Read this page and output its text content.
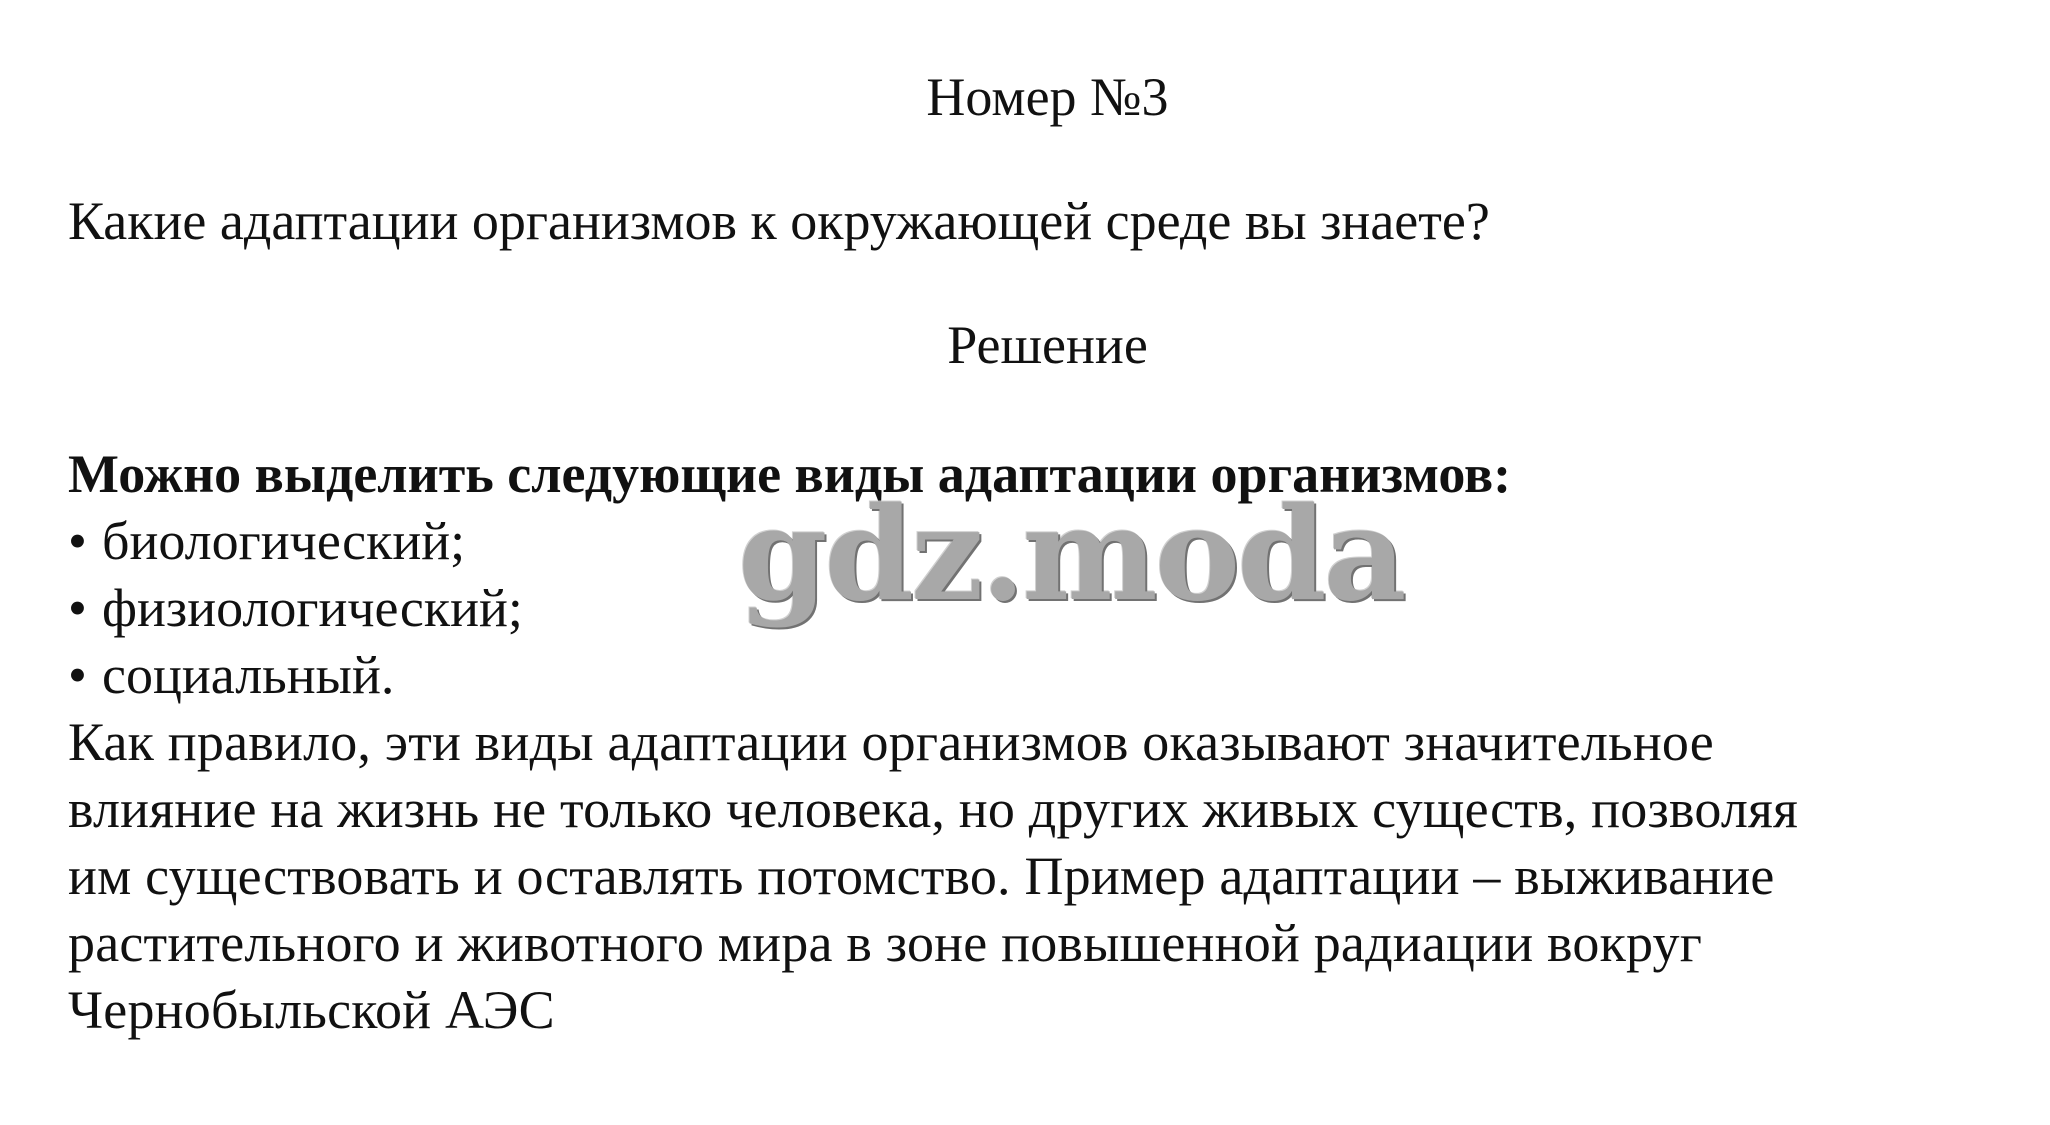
Номер №3
Какие адаптации организмов к окружающей среде вы знаете?
Решение
Можно выделить следующие виды адаптации организмов:
• биологический;
• физиологический;
• социальный.
Как правило, эти виды адаптации организмов оказывают значительное
влияние на жизнь не только человека, но других живых существ, позволяя
им существовать и оставлять потомство. Пример адаптации – выживание
растительного и животного мира в зоне повышенной радиации вокруг
Чернобыльской АЭС
gdz.moda
